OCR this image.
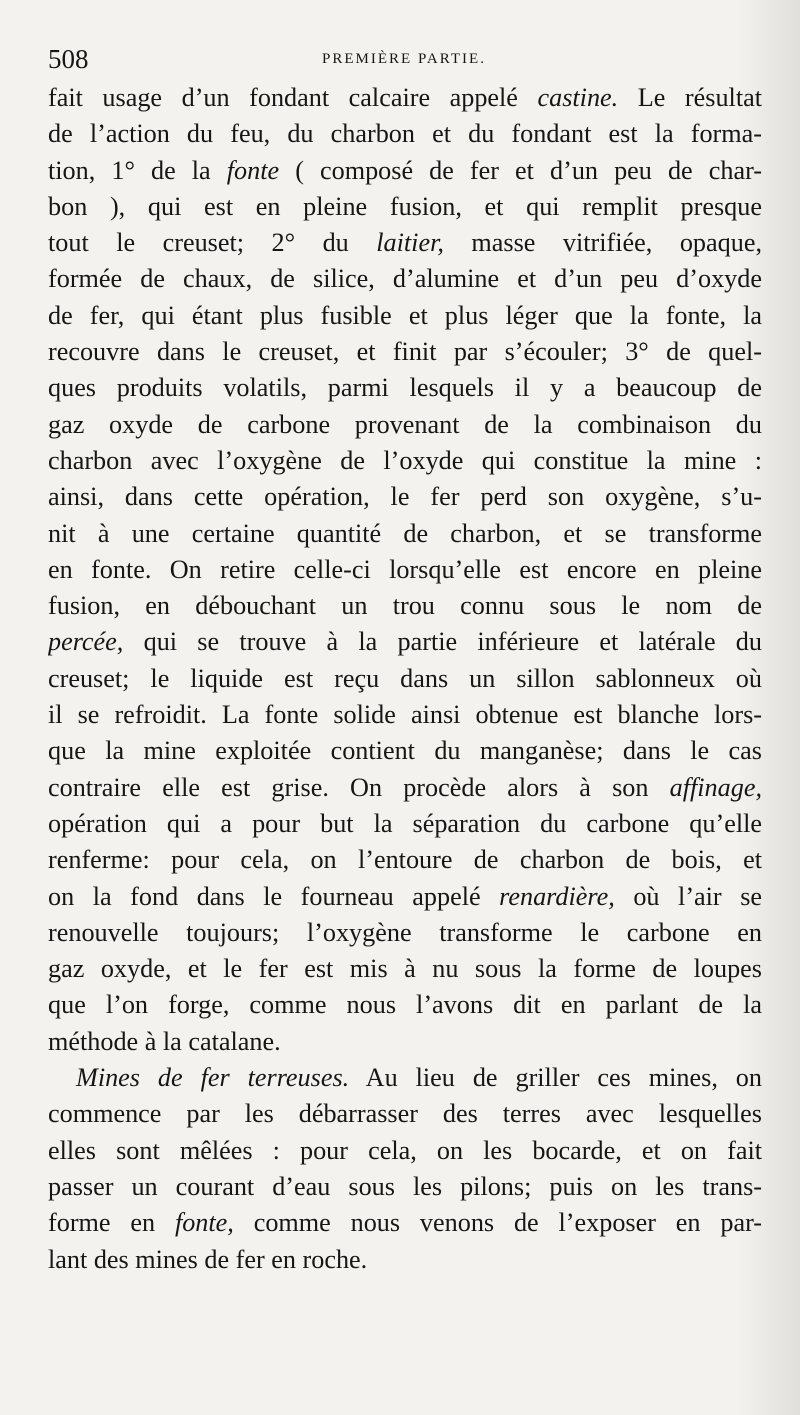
508	PREMIÈRE PARTIE.
fait usage d’un fondant calcaire appelé castine. Le résultat
de l’action du feu, du charbon et du fondant est la forma-
tion, 1° de la fonte ( composé de fer et d’un peu de char-
bon ), qui est en pleine fusion, et qui remplit presque
tout le creuset; 2° du laitier, masse vitrifiée, opaque,
formée de chaux, de silice, d’alumine et d’un peu d’oxyde
de fer, qui étant plus fusible et plus léger que la fonte, la
recouvre dans le creuset, et finit par s’écouler; 3° de quel-
ques produits volatils, parmi lesquels il y a beaucoup de
gaz oxyde de carbone provenant de la combinaison du
charbon avec l’oxygène de l’oxyde qui constitue la mine :
ainsi, dans cette opération, le fer perd son oxygène, s’u-
nit à une certaine quantité de charbon, et se transforme
en fonte. On retire celle-ci lorsqu’elle est encore en pleine
fusion, en débouchant un trou connu sous le nom de
percée, qui se trouve à la partie inférieure et latérale du
creuset; le liquide est reçu dans un sillon sablonneux où
il se refroidit. La fonte solide ainsi obtenue est blanche lors-
que la mine exploitée contient du manganèse; dans le cas
contraire elle est grise. On procède alors à son affinage,
opération qui a pour but la séparation du carbone qu’elle
renferme: pour cela, on l’entoure de charbon de bois, et
on la fond dans le fourneau appelé renardière, où l’air se
renouvelle toujours; l’oxygène transforme le carbone en
gaz oxyde, et le fer est mis à nu sous la forme de loupes
que l’on forge, comme nous l’avons dit en parlant de la
méthode à la catalane.
Mines de fer terreuses. Au lieu de griller ces mines, on
commence par les débarrasser des terres avec lesquelles
elles sont mêlées : pour cela, on les bocarde, et on fait
passer un courant d’eau sous les pilons; puis on les trans-
forme en fonte, comme nous venons de l’exposer en par-
lant des mines de fer en roche.
